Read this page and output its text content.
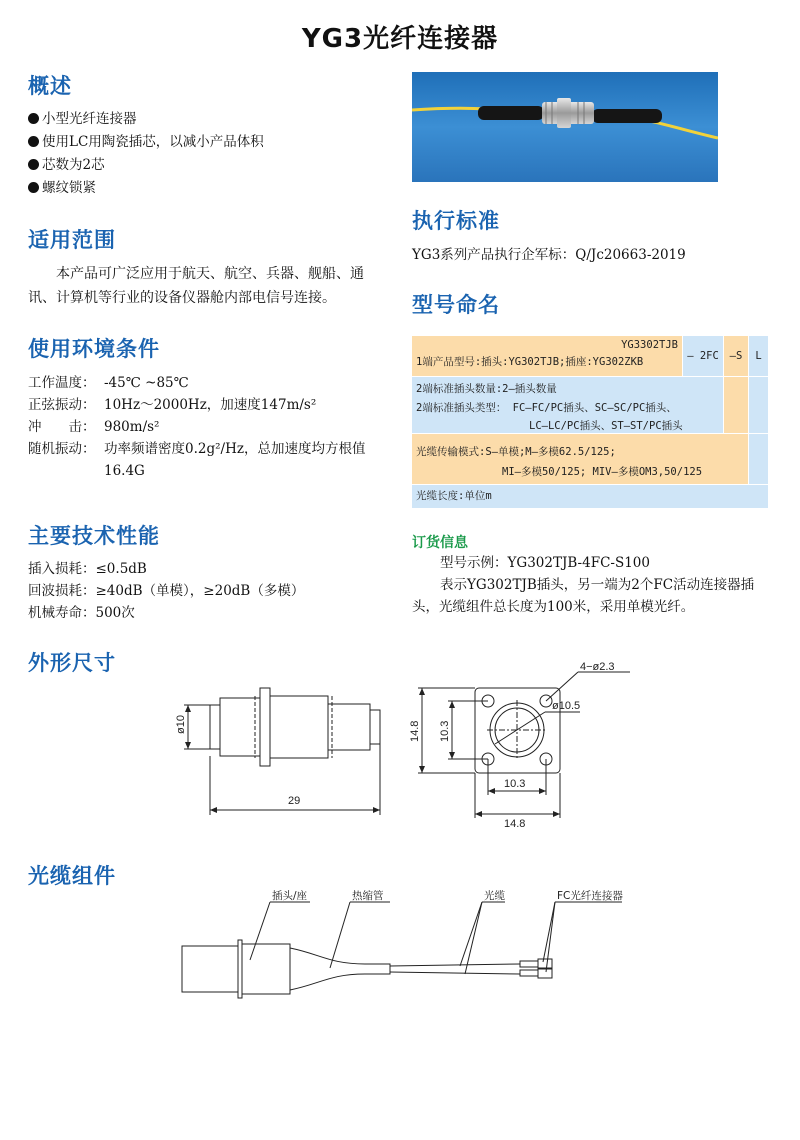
YG3光纤连接器
概述
小型光纤连接器
使用LC用陶瓷插芯，以减小产品体积
芯数为2芯
螺纹锁紧
适用范围
本产品可广泛应用于航天、航空、兵器、舰船、通讯、计算机等行业的设备仪器舱内部电信号连接。
使用环境条件
工作温度： -45℃ ~85℃
正弦振动： 10Hz～2000Hz，加速度147m/s²
冲　　击： 980m/s²
随机振动： 功率频谱密度0.2g²/Hz，总加速度均方根值16.4G
主要技术性能
插入损耗：≤0.5dB
回波损耗：≥40dB（单模），≥20dB（多模）
机械寿命：500次
执行标准
YG3系列产品执行企军标：Q/Jc20663-2019
型号命名
YG3302TJB
1端产品型号:插头:YG302TJB;插座:YG302ZKB	— 2FC	—S	L
2端标准插头数量:2—插头数量
2端标准插头类型： FC—FC/PC插头、SC—SC/PC插头、
LC—LC/PC插头、ST—ST/PC插头
光缆传输模式:S—单模;M—多模62.5/125;
MI—多模50/125; MIV—多模OM3,50/125
光缆长度:单位m
订货信息
型号示例：YG302TJB-4FC-S100
表示YG302TJB插头，另一端为2个FC活动连接器插头，光缆组件总长度为100米，采用单模光纤。
外形尺寸
ø10
29
14.8 10.3
4−ø2.3
ø10.5
10.3
14.8
光缆组件
插头/座	热缩管	光缆	FC光纤连接器
